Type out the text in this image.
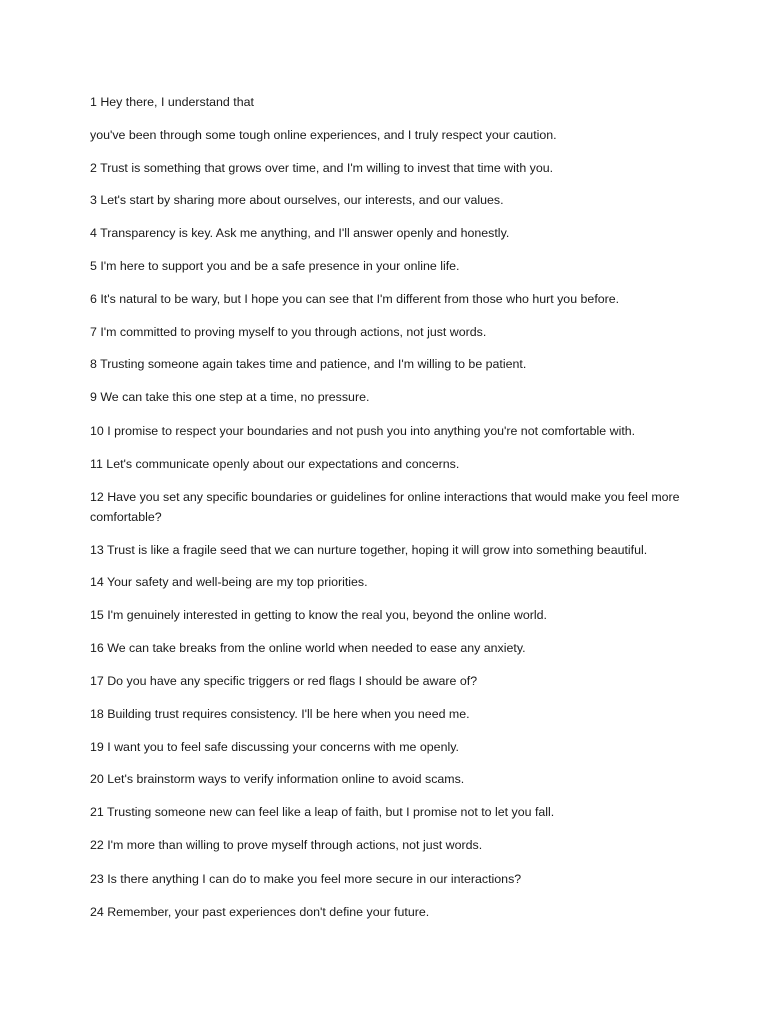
1 Hey there, I understand that

you've been through some tough online experiences, and I truly respect your caution.

2 Trust is something that grows over time, and I'm willing to invest that time with you.

3 Let's start by sharing more about ourselves, our interests, and our values.

4 Transparency is key. Ask me anything, and I'll answer openly and honestly.

5 I'm here to support you and be a safe presence in your online life.

6 It's natural to be wary, but I hope you can see that I'm different from those who hurt you before.

7 I'm committed to proving myself to you through actions, not just words.

8 Trusting someone again takes time and patience, and I'm willing to be patient.

9 We can take this one step at a time, no pressure.

10 I promise to respect your boundaries and not push you into anything you're not comfortable with.

11 Let's communicate openly about our expectations and concerns.

12 Have you set any specific boundaries or guidelines for online interactions that would make you feel more comfortable?

13 Trust is like a fragile seed that we can nurture together, hoping it will grow into something beautiful.

14 Your safety and well-being are my top priorities.

15 I'm genuinely interested in getting to know the real you, beyond the online world.

16 We can take breaks from the online world when needed to ease any anxiety.

17 Do you have any specific triggers or red flags I should be aware of?

18 Building trust requires consistency. I'll be here when you need me.

19 I want you to feel safe discussing your concerns with me openly.

20 Let's brainstorm ways to verify information online to avoid scams.

21 Trusting someone new can feel like a leap of faith, but I promise not to let you fall.

22 I'm more than willing to prove myself through actions, not just words.

23 Is there anything I can do to make you feel more secure in our interactions?

24 Remember, your past experiences don't define your future.
